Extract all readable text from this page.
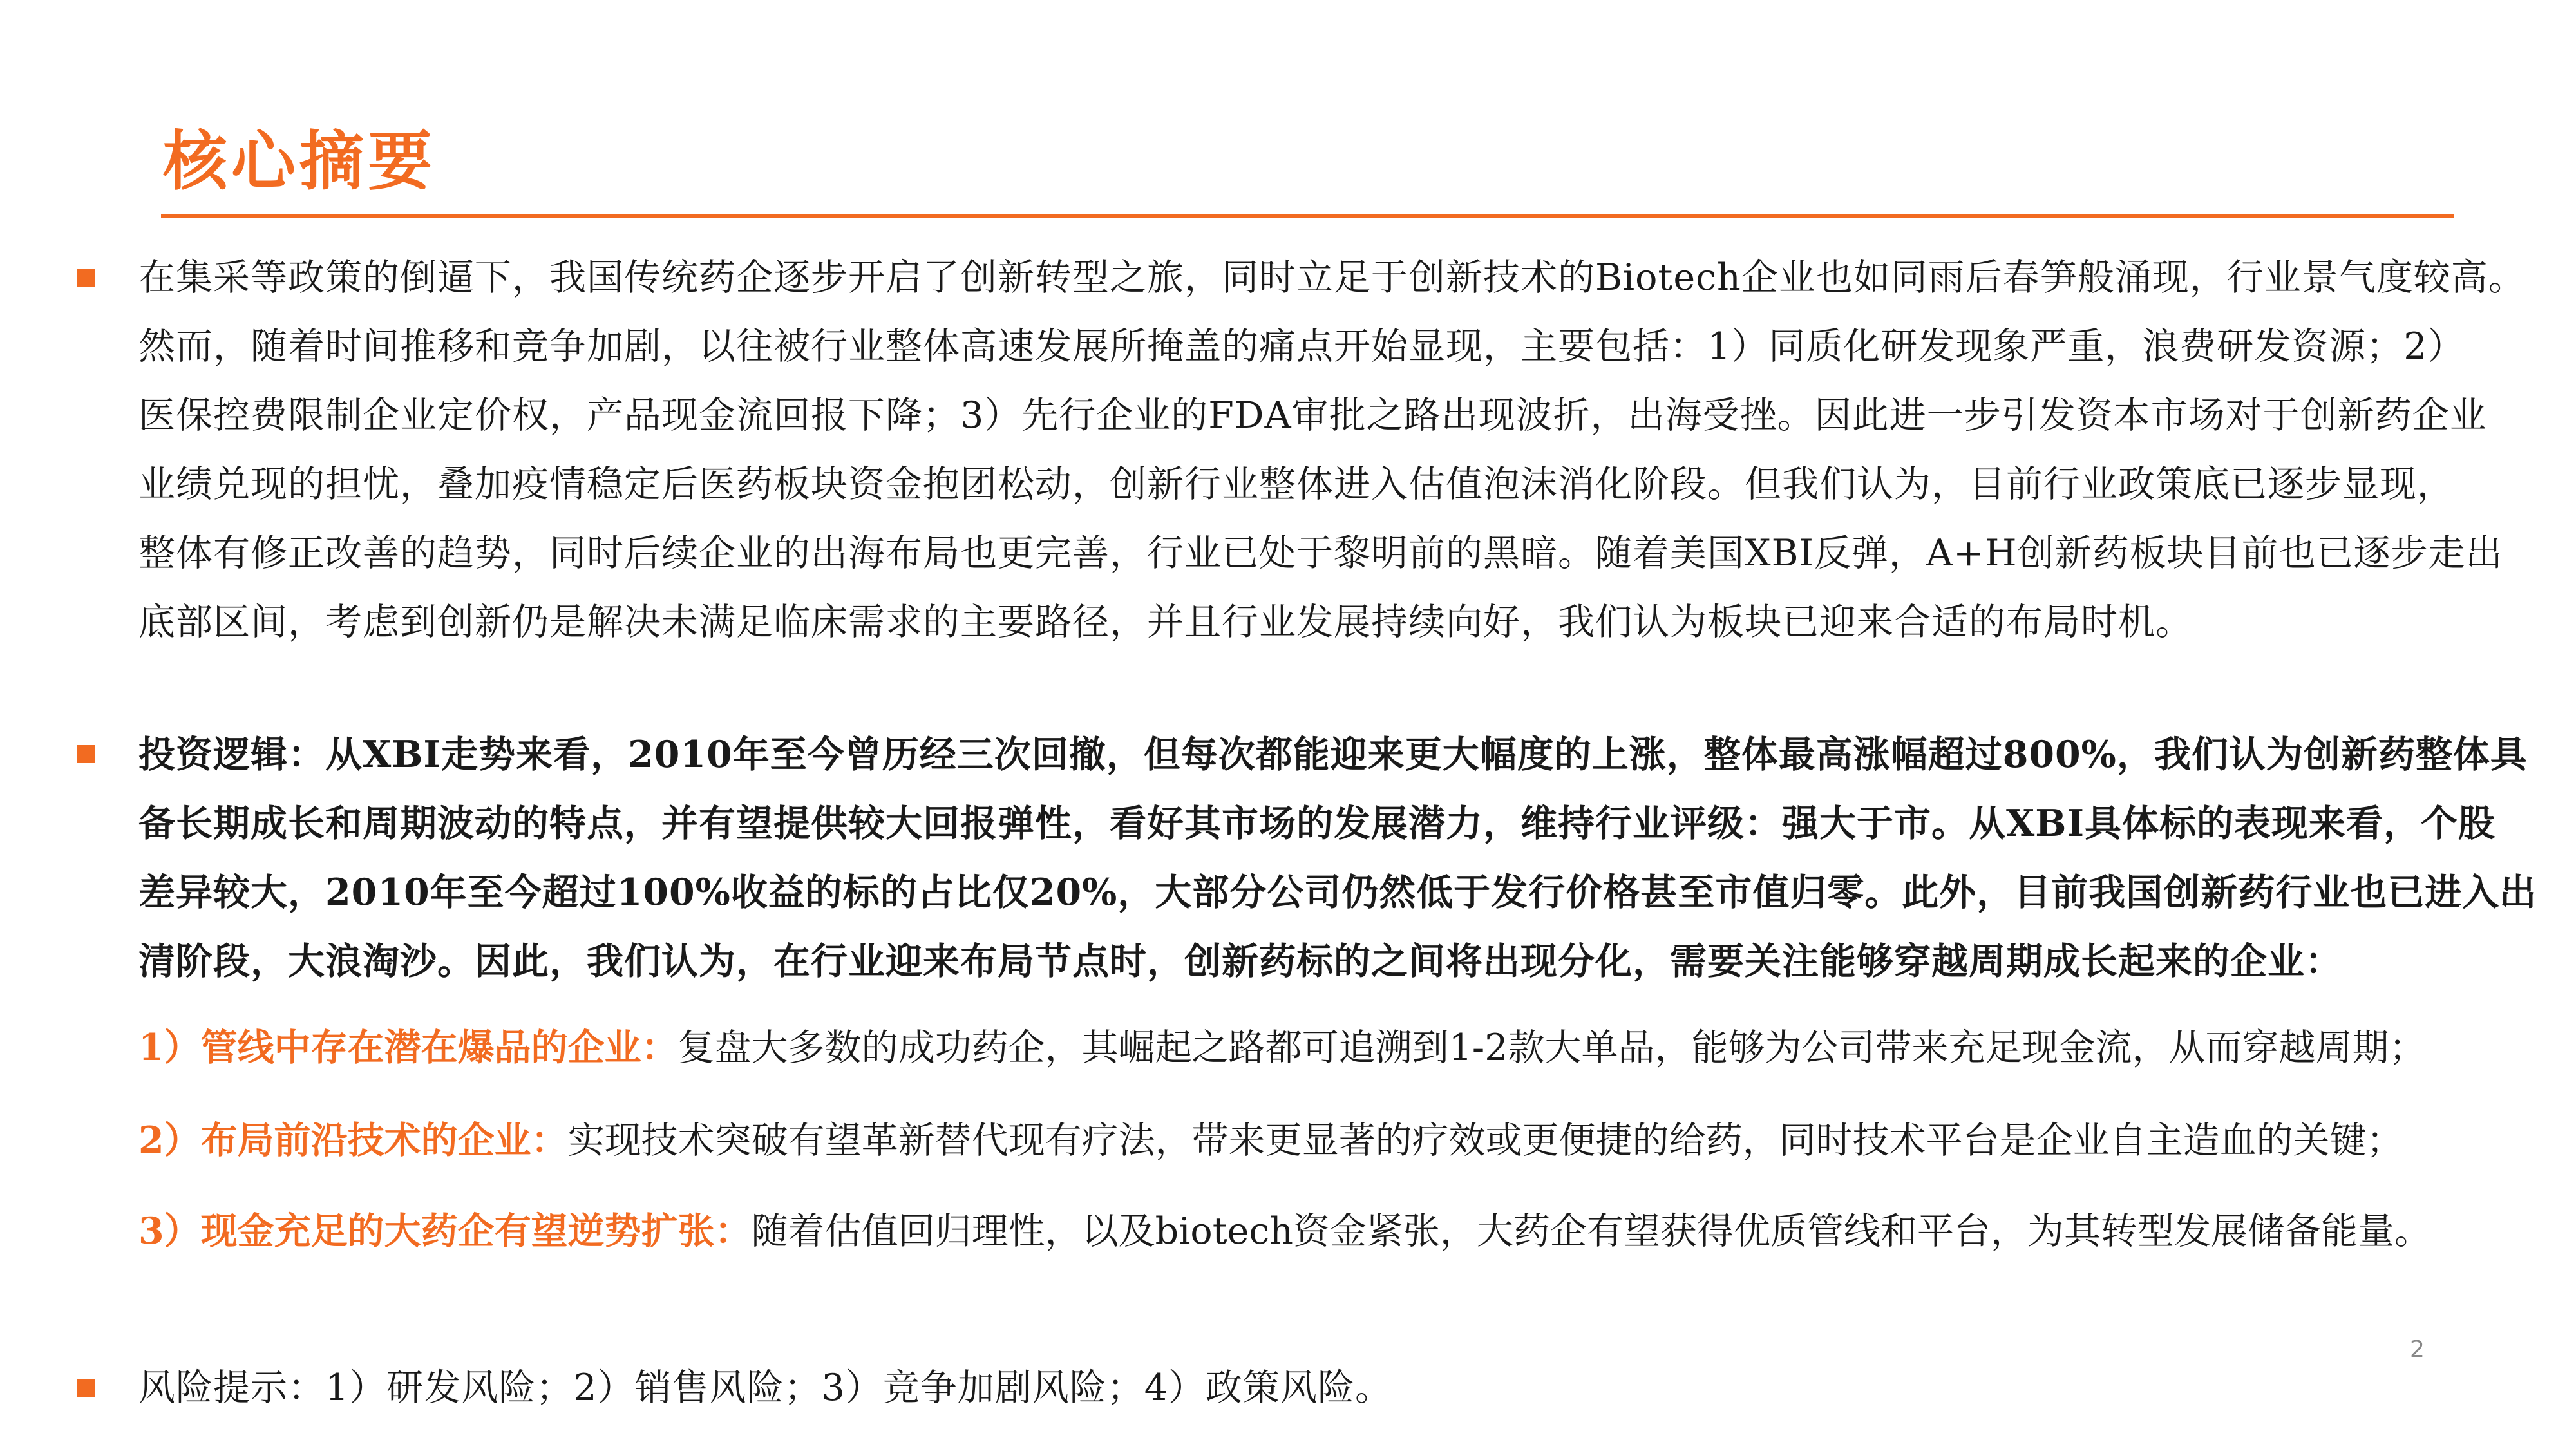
核心摘要
在集采等政策的倒逼下，我国传统药企逐步开启了创新转型之旅，同时立足于创新技术的Biotech企业也如同雨后春笋般涌现，行业景气度较高。
然而，随着时间推移和竞争加剧，以往被行业整体高速发展所掩盖的痛点开始显现，主要包括：1）同质化研发现象严重，浪费研发资源；2）
医保控费限制企业定价权，产品现金流回报下降；3）先行企业的FDA审批之路出现波折，出海受挫。因此进一步引发资本市场对于创新药企业
业绩兑现的担忧，叠加疫情稳定后医药板块资金抱团松动，创新行业整体进入估值泡沫消化阶段。但我们认为，目前行业政策底已逐步显现，
整体有修正改善的趋势，同时后续企业的出海布局也更完善，行业已处于黎明前的黑暗。随着美国XBI反弹，A+H创新药板块目前也已逐步走出
底部区间，考虑到创新仍是解决未满足临床需求的主要路径，并且行业发展持续向好，我们认为板块已迎来合适的布局时机。
投资逻辑：从XBI走势来看，2010年至今曾历经三次回撤，但每次都能迎来更大幅度的上涨，整体最高涨幅超过800%，我们认为创新药整体具
备长期成长和周期波动的特点，并有望提供较大回报弹性，看好其市场的发展潜力，维持行业评级：强大于市。从XBI具体标的表现来看，个股
差异较大，2010年至今超过100%收益的标的占比仅20%，大部分公司仍然低于发行价格甚至市值归零。此外，目前我国创新药行业也已进入出
清阶段，大浪淘沙。因此，我们认为，在行业迎来布局节点时，创新药标的之间将出现分化，需要关注能够穿越周期成长起来的企业：
1）管线中存在潜在爆品的企业：复盘大多数的成功药企，其崛起之路都可追溯到1-2款大单品，能够为公司带来充足现金流，从而穿越周期；
2）布局前沿技术的企业：实现技术突破有望革新替代现有疗法，带来更显著的疗效或更便捷的给药，同时技术平台是企业自主造血的关键；
3）现金充足的大药企有望逆势扩张：随着估值回归理性，以及biotech资金紧张，大药企有望获得优质管线和平台，为其转型发展储备能量。
2
风险提示：1）研发风险；2）销售风险；3）竞争加剧风险；4）政策风险。
